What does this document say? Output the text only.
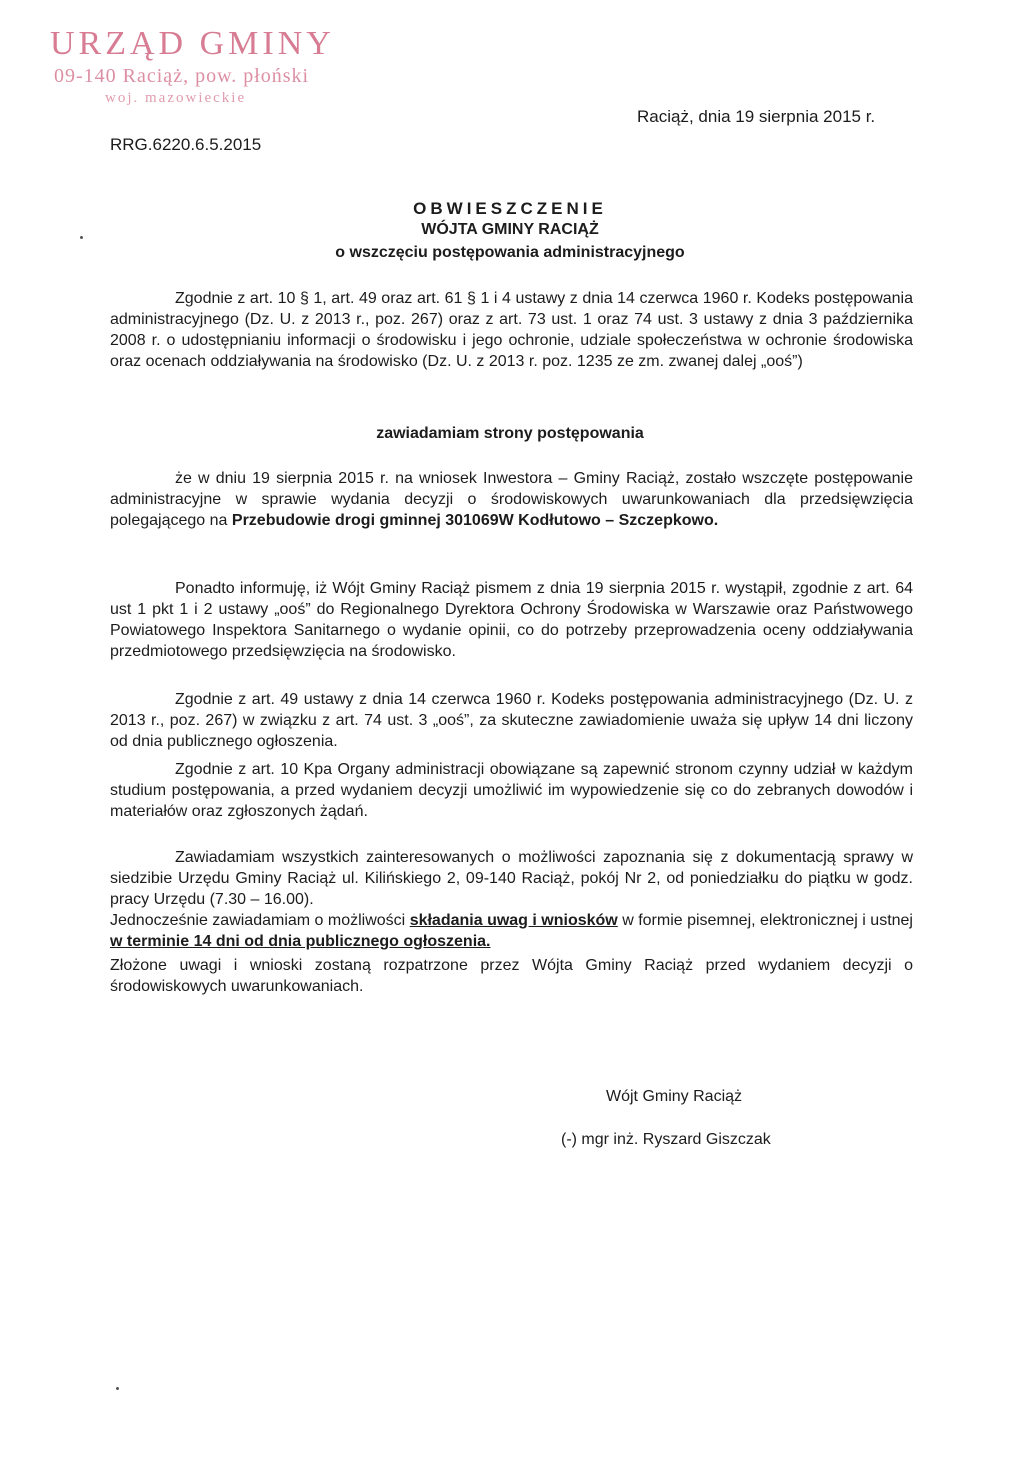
URZĄD GMINY
09-140 Raciąż, pow. płoński
woj. mazowieckie
Raciąż, dnia 19 sierpnia 2015 r.
RRG.6220.6.5.2015
OBWIESZCZENIE
WÓJTA GMINY RACIĄŻ
o wszczęciu postępowania administracyjnego

Zgodnie z art. 10 § 1, art. 49 oraz art. 61 § 1 i 4 ustawy z dnia 14 czerwca 1960 r. Kodeks postępowania administracyjnego (Dz. U. z 2013 r., poz. 267) oraz z art. 73 ust. 1 oraz 74 ust. 3 ustawy z dnia 3 października 2008 r. o udostępnianiu informacji o środowisku i jego ochronie, udziale społeczeństwa w ochronie środowiska oraz ocenach oddziaływania na środowisko (Dz. U. z 2013 r. poz. 1235 ze zm. zwanej dalej „ooś”)

zawiadamiam strony postępowania

że w dniu 19 sierpnia 2015 r. na wniosek Inwestora – Gminy Raciąż, zostało wszczęte postępowanie administracyjne w sprawie wydania decyzji o środowiskowych uwarunkowaniach dla przedsięwzięcia polegającego na Przebudowie drogi gminnej 301069W Kodłutowo – Szczepkowo.

Ponadto informuję, iż Wójt Gminy Raciąż pismem z dnia 19 sierpnia 2015 r. wystąpił, zgodnie z art. 64 ust 1 pkt 1 i 2 ustawy „ooś” do Regionalnego Dyrektora Ochrony Środowiska w Warszawie oraz Państwowego Powiatowego Inspektora Sanitarnego o wydanie opinii, co do potrzeby przeprowadzenia oceny oddziaływania przedmiotowego przedsięwzięcia na środowisko.

Zgodnie z art. 49 ustawy z dnia 14 czerwca 1960 r. Kodeks postępowania administracyjnego (Dz. U. z 2013 r., poz. 267) w związku z art. 74 ust. 3 „ooś”, za skuteczne zawiadomienie uważa się upływ 14 dni liczony od dnia publicznego ogłoszenia.

Zgodnie z art. 10 Kpa Organy administracji obowiązane są zapewnić stronom czynny udział w każdym studium postępowania, a przed wydaniem decyzji umożliwić im wypowiedzenie się co do zebranych dowodów i materiałów oraz zgłoszonych żądań.

Zawiadamiam wszystkich zainteresowanych o możliwości zapoznania się z dokumentacją sprawy w siedzibie Urzędu Gminy Raciąż ul. Kilińskiego 2, 09-140 Raciąż, pokój Nr 2, od poniedziałku do piątku w godz. pracy Urzędu (7.30 – 16.00).

Jednocześnie zawiadamiam o możliwości składania uwag i wniosków w formie pisemnej, elektronicznej i ustnej w terminie 14 dni od dnia publicznego ogłoszenia.

Złożone uwagi i wnioski zostaną rozpatrzone przez Wójta Gminy Raciąż przed wydaniem decyzji o środowiskowych uwarunkowaniach.

Wójt Gminy Raciąż
(-) mgr inż. Ryszard Giszczak
